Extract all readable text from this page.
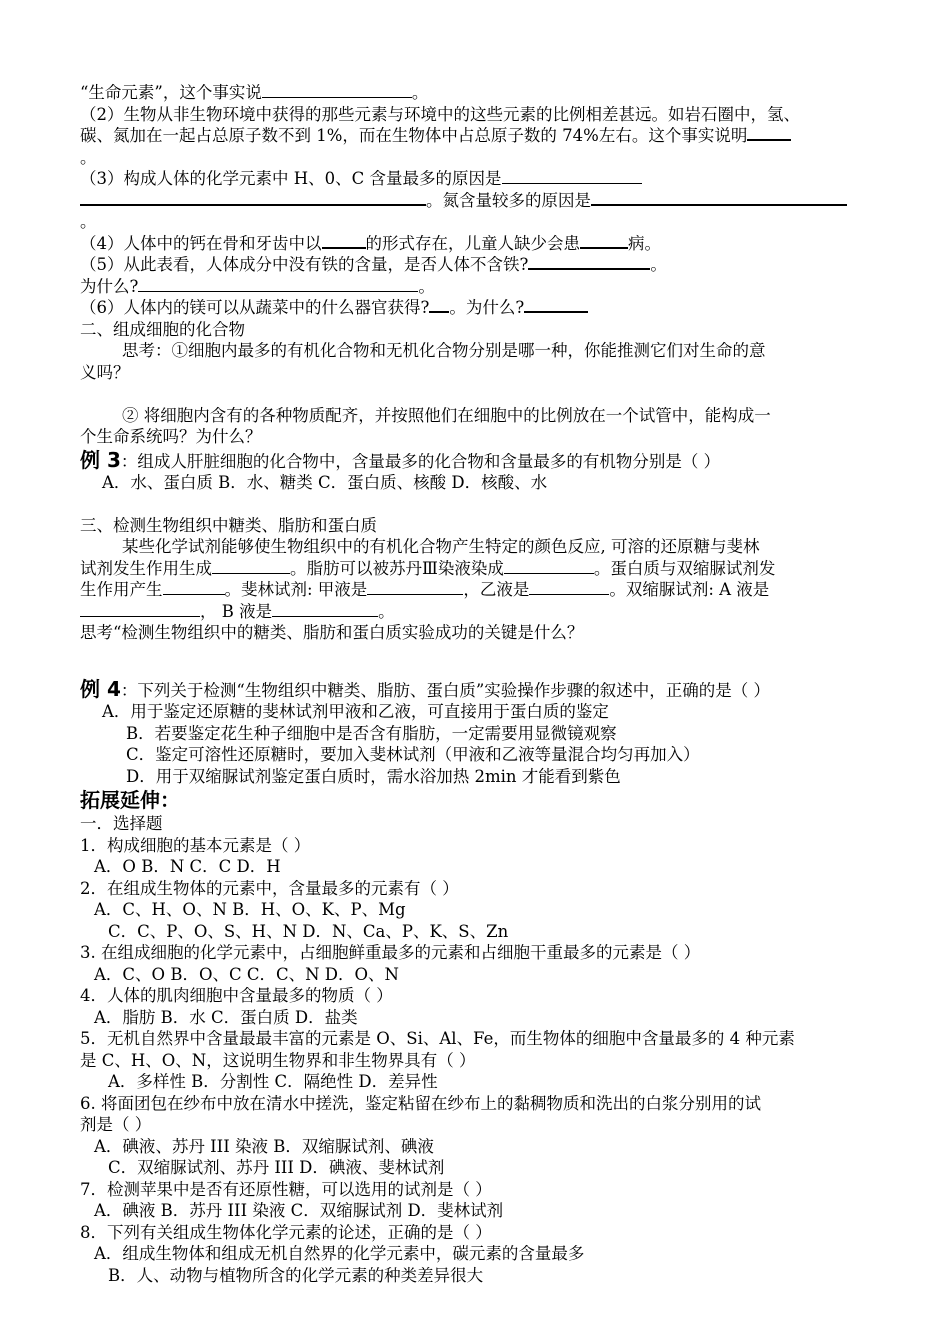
“生命元素”，这个事实说	。
（2）生物从非生物环境中获得的那些元素与环境中的这些元素的比例相差甚远。如岩石圈中，氢、
碳、氮加在一起占总原子数不到 1%，而在生物体中占总原子数的 74%左右。这个事实说明
。
（3）构成人体的化学元素中 H、0、C 含量最多的原因是
。氮含量较多的原因是
。
（4）人体中的钙在骨和牙齿中以	的形式存在，儿童人缺少会患	病。
（5）从此表看，人体成分中没有铁的含量，是否人体不含铁?	。
为什么?	。
（6）人体内的镁可以从蔬菜中的什么器官获得? 。为什么?
二、组成细胞的化合物
思考：①细胞内最多的有机化合物和无机化合物分别是哪一种，你能推测它们对生命的意
义吗？
② 将细胞内含有的各种物质配齐，并按照他们在细胞中的比例放在一个试管中，能构成一
个生命系统吗？为什么？
例 3：组成人肝脏细胞的化合物中，含量最多的化合物和含量最多的有机物分别是（ ）
A．水、蛋白质 B．水、糖类 C．蛋白质、核酸 D．核酸、水
三、检测生物组织中糖类、脂肪和蛋白质
某些化学试剂能够使生物组织中的有机化合物产生特定的颜色反应, 可溶的还原糖与斐林
试剂发生作用生成	。脂肪可以被苏丹Ⅲ染液染成	。蛋白质与双缩脲试剂发
生作用产生	。斐林试剂: 甲液是	，乙液是	。双缩脲试剂: A 液是
， B 液是	。
思考“检测生物组织中的糖类、脂肪和蛋白质实验成功的关键是什么？
例 4：下列关于检测“生物组织中糖类、脂肪、蛋白质”实验操作步骤的叙述中，正确的是（ ）
A．用于鉴定还原糖的斐林试剂甲液和乙液，可直接用于蛋白质的鉴定
B．若要鉴定花生种子细胞中是否含有脂肪，一定需要用显微镜观察
C．鉴定可溶性还原糖时，要加入斐林试剂（甲液和乙液等量混合均匀再加入）
D．用于双缩脲试剂鉴定蛋白质时，需水浴加热 2min 才能看到紫色
拓展延伸：
一．选择题
1．构成细胞的基本元素是（ ）
A．O B．N C．C D．H
2．在组成生物体的元素中，含量最多的元素有（ ）
A．C、H、O、N B．H、O、K、P、Mg
C．C、P、O、S、H、N D．N、Ca、P、K、S、Zn
3. 在组成细胞的化学元素中，占细胞鲜重最多的元素和占细胞干重最多的元素是（ ）
A．C、O B．O、C C．C、N D．O、N
4．人体的肌肉细胞中含量最多的物质（ ）
A．脂肪 B．水 C．蛋白质 D．盐类
5．无机自然界中含量最最丰富的元素是 O、Si、Al、Fe，而生物体的细胞中含量最多的 4 种元素
是 C、H、O、N，这说明生物界和非生物界具有（ ）
A．多样性 B．分割性 C．隔绝性 D．差异性
6. 将面团包在纱布中放在清水中搓洗，鉴定粘留在纱布上的黏稠物质和洗出的白浆分别用的试
剂是（ ）
A．碘液、苏丹 III 染液 B．双缩脲试剂、碘液
C．双缩脲试剂、苏丹 III D．碘液、斐林试剂
7．检测苹果中是否有还原性糖，可以选用的试剂是（ ）
A．碘液 B．苏丹 III 染液 C．双缩脲试剂 D．斐林试剂
8．下列有关组成生物体化学元素的论述，正确的是（ ）
A．组成生物体和组成无机自然界的化学元素中，碳元素的含量最多
B．人、动物与植物所含的化学元素的种类差异很大
